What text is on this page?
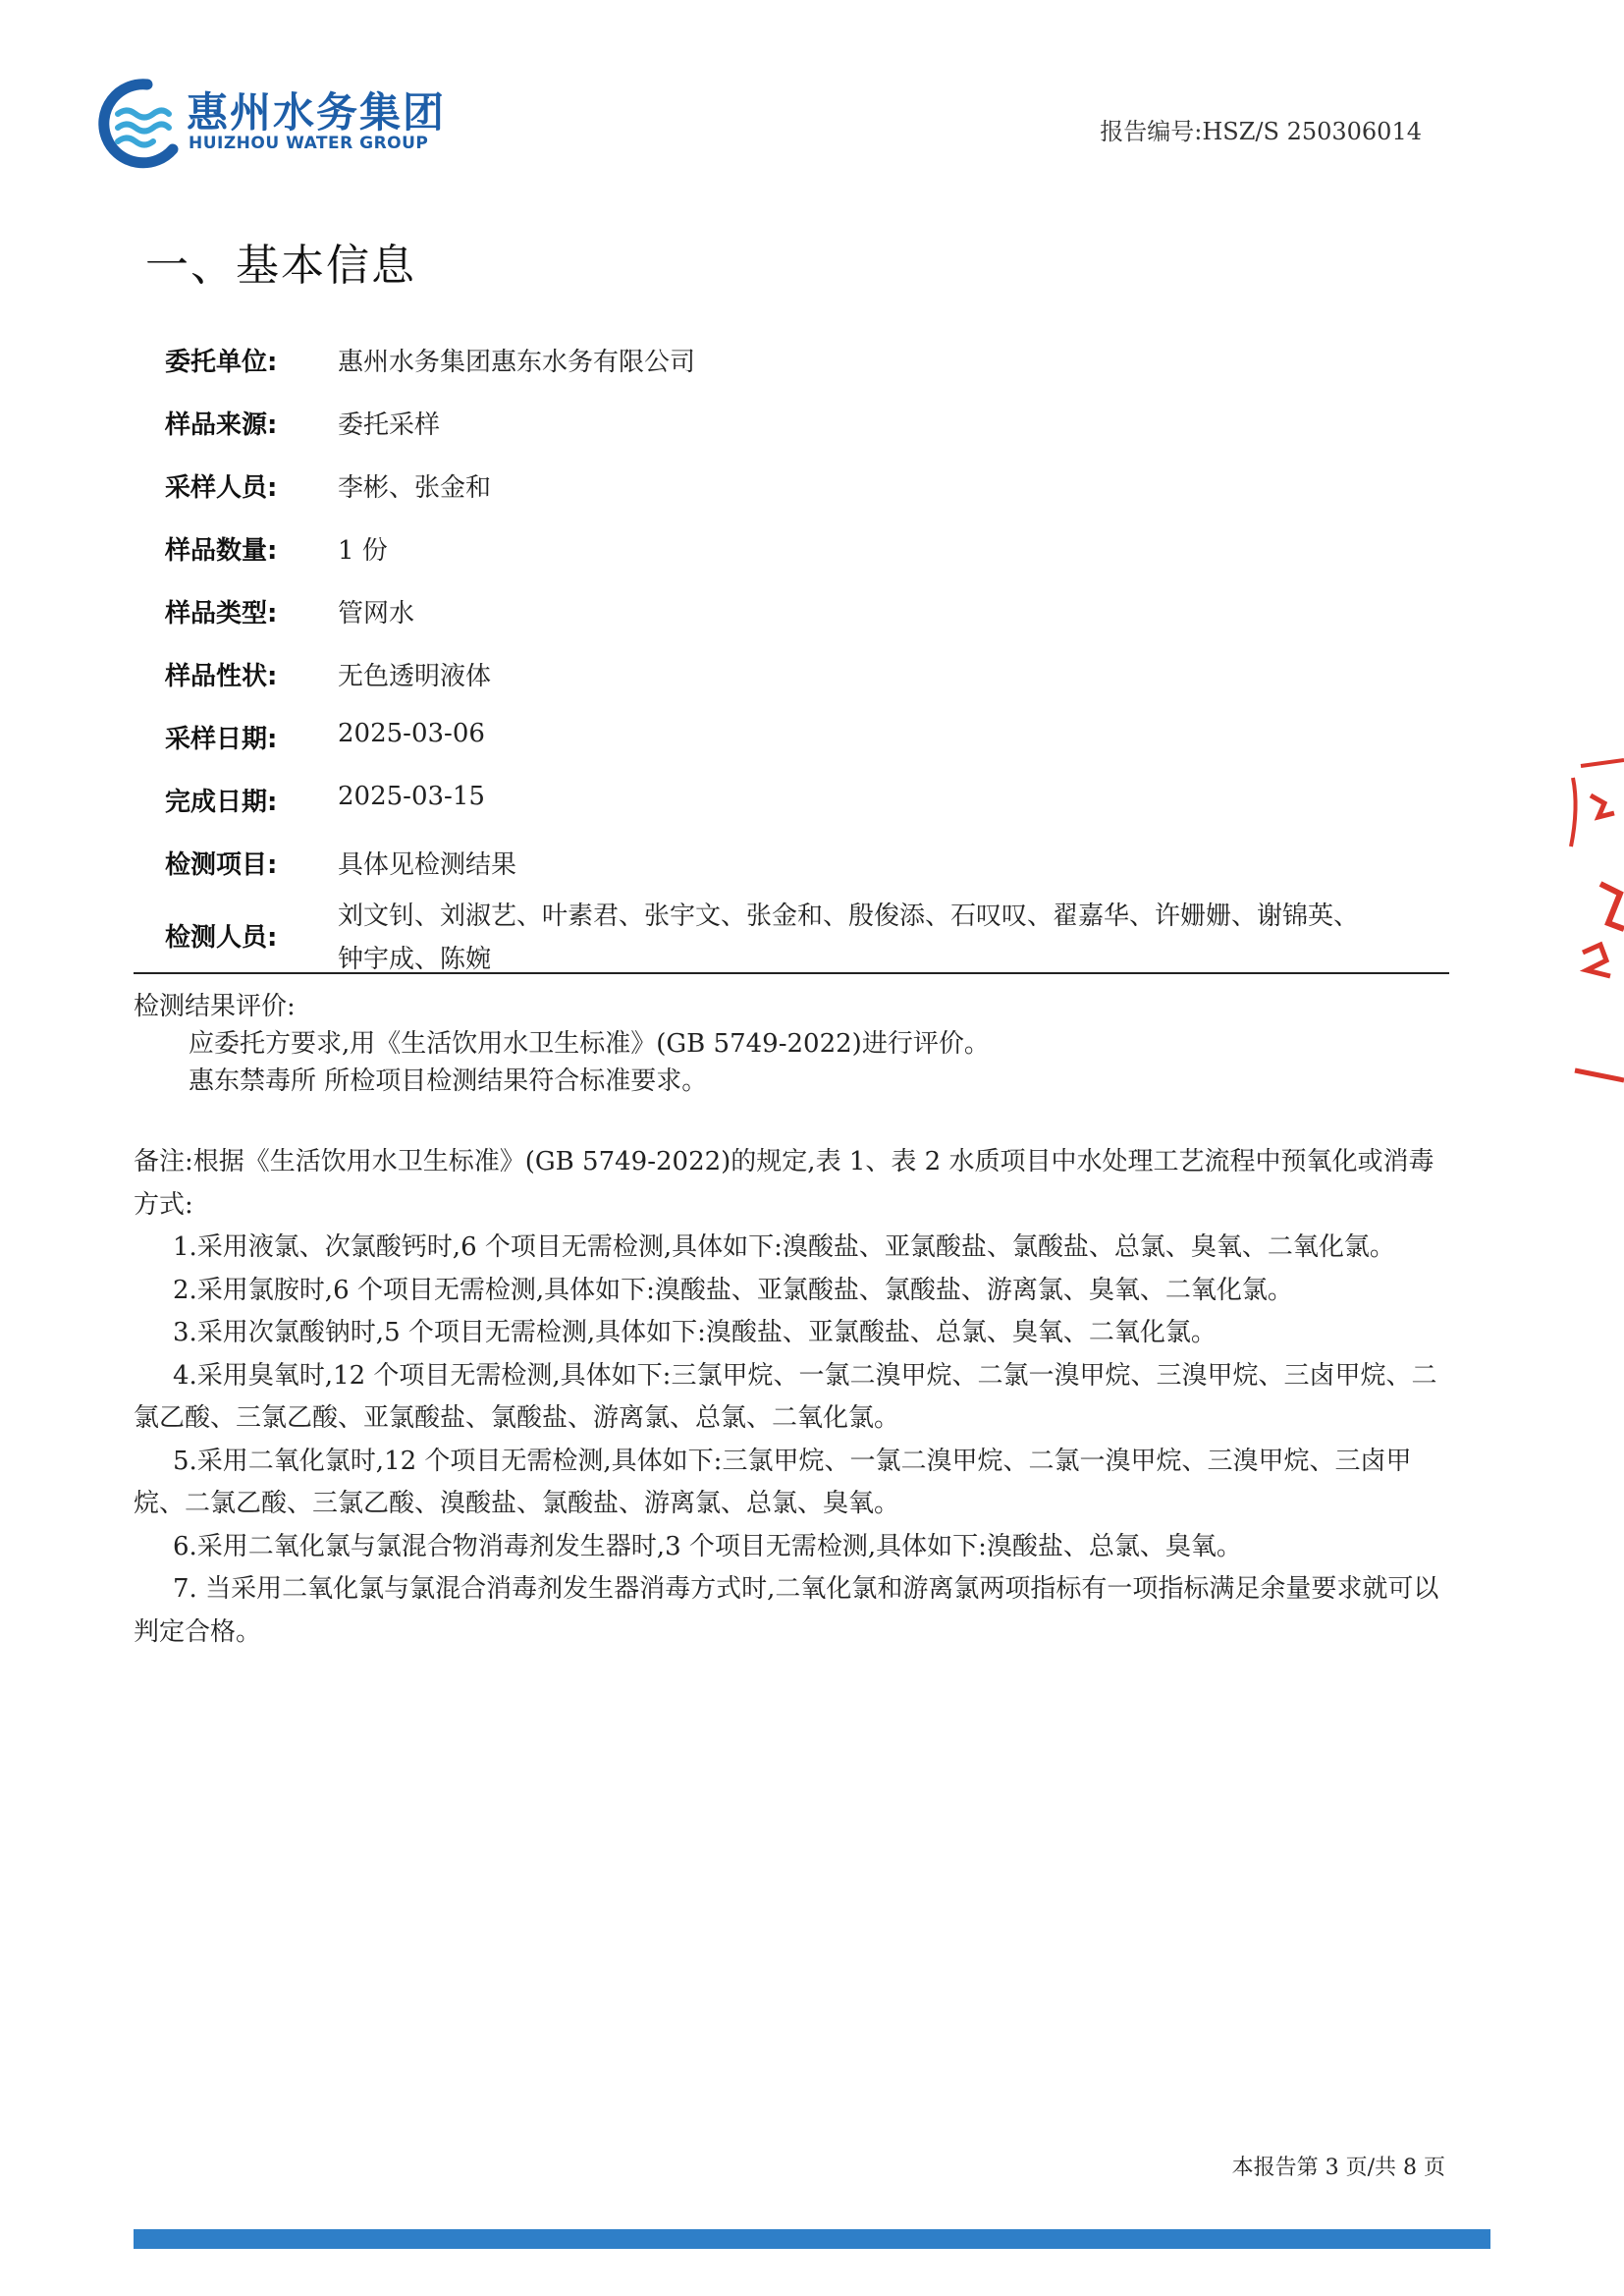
惠州水务集团
HUIZHOU WATER GROUP	报告编号:HSZ/S 250306014
一、基本信息
委托单位: 惠州水务集团惠东水务有限公司
样品来源: 委托采样
采样人员: 李彬、张金和
样品数量: 1 份
样品类型: 管网水
样品性状: 无色透明液体
采样日期: 2025-03-06
完成日期: 2025-03-15
检测项目: 具体见检测结果
检测人员:
刘文钊、刘淑艺、叶素君、张宇文、张金和、殷俊添、石叹叹、翟嘉华、许姗姗、谢锦英、
钟宇成、陈婉
检测结果评价:
应委托方要求,用《生活饮用水卫生标准》(GB 5749-2022)进行评价。
惠东禁毒所 所检项目检测结果符合标准要求。

备注:根据《生活饮用水卫生标准》(GB 5749-2022)的规定,表 1、表 2 水质项目中水处理工艺流程中预氧化或消毒方式:

1.采用液氯、次氯酸钙时,6 个项目无需检测,具体如下:溴酸盐、亚氯酸盐、氯酸盐、总氯、臭氧、二氧化氯。

2.采用氯胺时,6 个项目无需检测,具体如下:溴酸盐、亚氯酸盐、氯酸盐、游离氯、臭氧、二氧化氯。

3.采用次氯酸钠时,5 个项目无需检测,具体如下:溴酸盐、亚氯酸盐、总氯、臭氧、二氧化氯。

4.采用臭氧时,12 个项目无需检测,具体如下:三氯甲烷、一氯二溴甲烷、二氯一溴甲烷、三溴甲烷、三卤甲烷、二氯乙酸、三氯乙酸、亚氯酸盐、氯酸盐、游离氯、总氯、二氧化氯。

5.采用二氧化氯时,12 个项目无需检测,具体如下:三氯甲烷、一氯二溴甲烷、二氯一溴甲烷、三溴甲烷、三卤甲烷、二氯乙酸、三氯乙酸、溴酸盐、氯酸盐、游离氯、总氯、臭氧。

6.采用二氧化氯与氯混合物消毒剂发生器时,3 个项目无需检测,具体如下:溴酸盐、总氯、臭氧。

7. 当采用二氧化氯与氯混合消毒剂发生器消毒方式时,二氧化氯和游离氯两项指标有一项指标满足余量要求就可以判定合格。

本报告第 3 页/共 8 页
